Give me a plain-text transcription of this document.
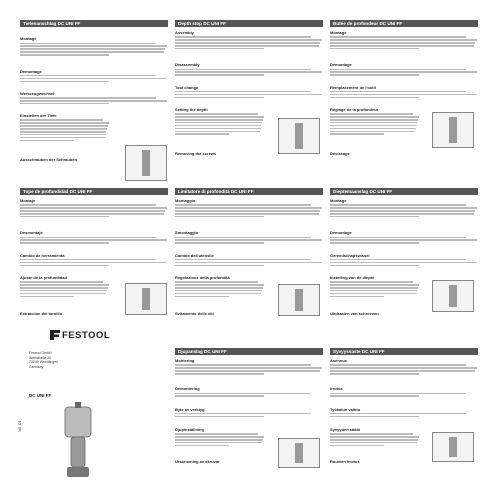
Tiefenanschlag DC UNI FF

Montage
Demontage
Werkzeugwechsel
Einstellen der Tiefe
Ausschrauben der Schrauben
Tope de profundidad DC UNI FF
Montaje
Desmontaje
Cambio de herramienta
Ajuste de la profundidad
Extracción del tornillo
FESTOOL
Festool GmbH
Wertstraße 20
73240 Wendlingen
Germany
DC UNI FF
345 121
Depth stop DC UNI FF
Assembly
Disassembly
Tool change
Setting the depth
Removing the screws
Limitatore di profondità DC UNI FF
Montaggio
Smontaggio
Cambio dell'utensile
Regolazione della profondità
Svitamento delle viti
Djupanslag DC UNI FF
Montering
Demontering
Byte av verktyg
Djupinställning
Urskruvning av skruvar
Butée de profondeur DC UNI FF
Montage
Démontage
Remplacement de l'outil
Réglage de la profondeur
Dévissage
Dieptemaanslag DC UNI FF
Montage
Demontage
Gereedschapswissel
Instelling van de diepte
Uitdraaien van schroeven
Syvyysvaste DC UNI FF
Asennus
Irrotus
Työkalun vaihto
Syvyyden säätö
Ruuvien irrotus
